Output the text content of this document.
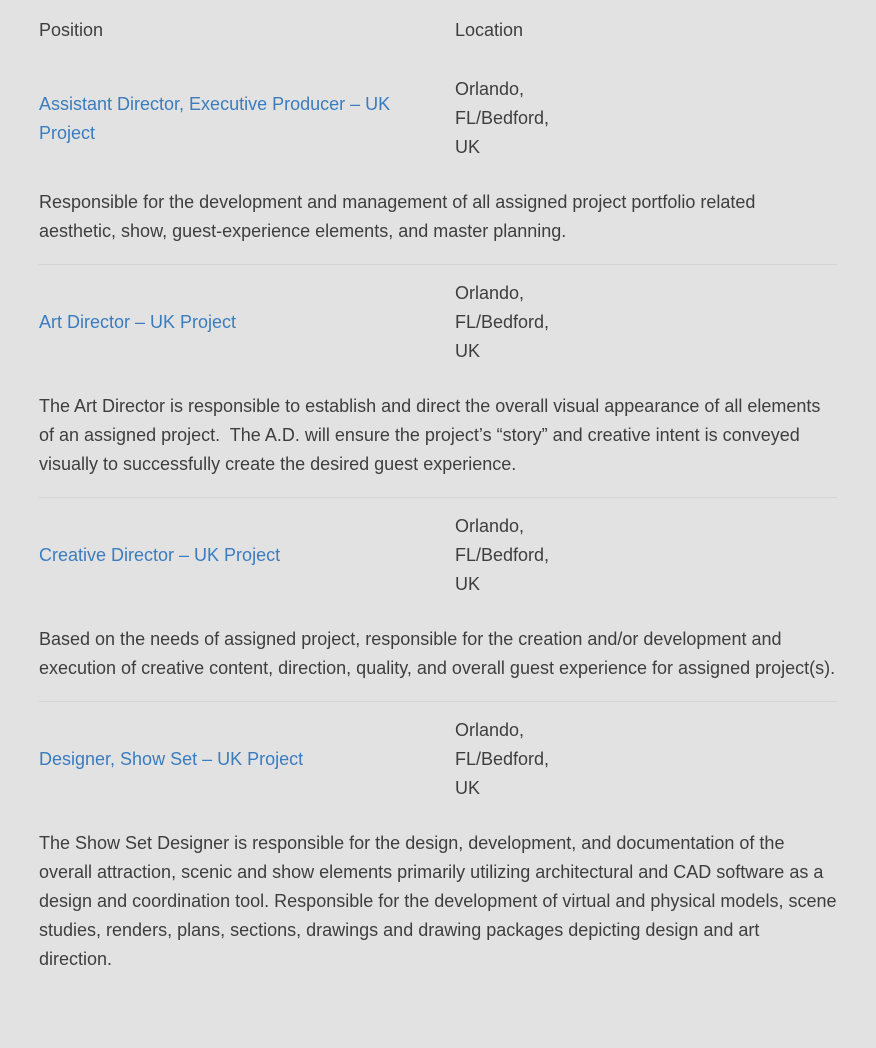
Position	Location
Assistant Director, Executive Producer – UK Project
Orlando, FL/Bedford, UK

Responsible for the development and management of all assigned project portfolio related aesthetic, show, guest-experience elements, and master planning.

Art Director – UK Project
Orlando, FL/Bedford, UK

The Art Director is responsible to establish and direct the overall visual appearance of all elements of an assigned project.  The A.D. will ensure the project’s “story” and creative intent is conveyed visually to successfully create the desired guest experience.

Creative Director – UK Project
Orlando, FL/Bedford, UK

Based on the needs of assigned project, responsible for the creation and/or development and execution of creative content, direction, quality, and overall guest experience for assigned project(s).

Designer, Show Set – UK Project
Orlando, FL/Bedford, UK

The Show Set Designer is responsible for the design, development, and documentation of the overall attraction, scenic and show elements primarily utilizing architectural and CAD software as a design and coordination tool. Responsible for the development of virtual and physical models, scene studies, renders, plans, sections, drawings and drawing packages depicting design and art direction.
